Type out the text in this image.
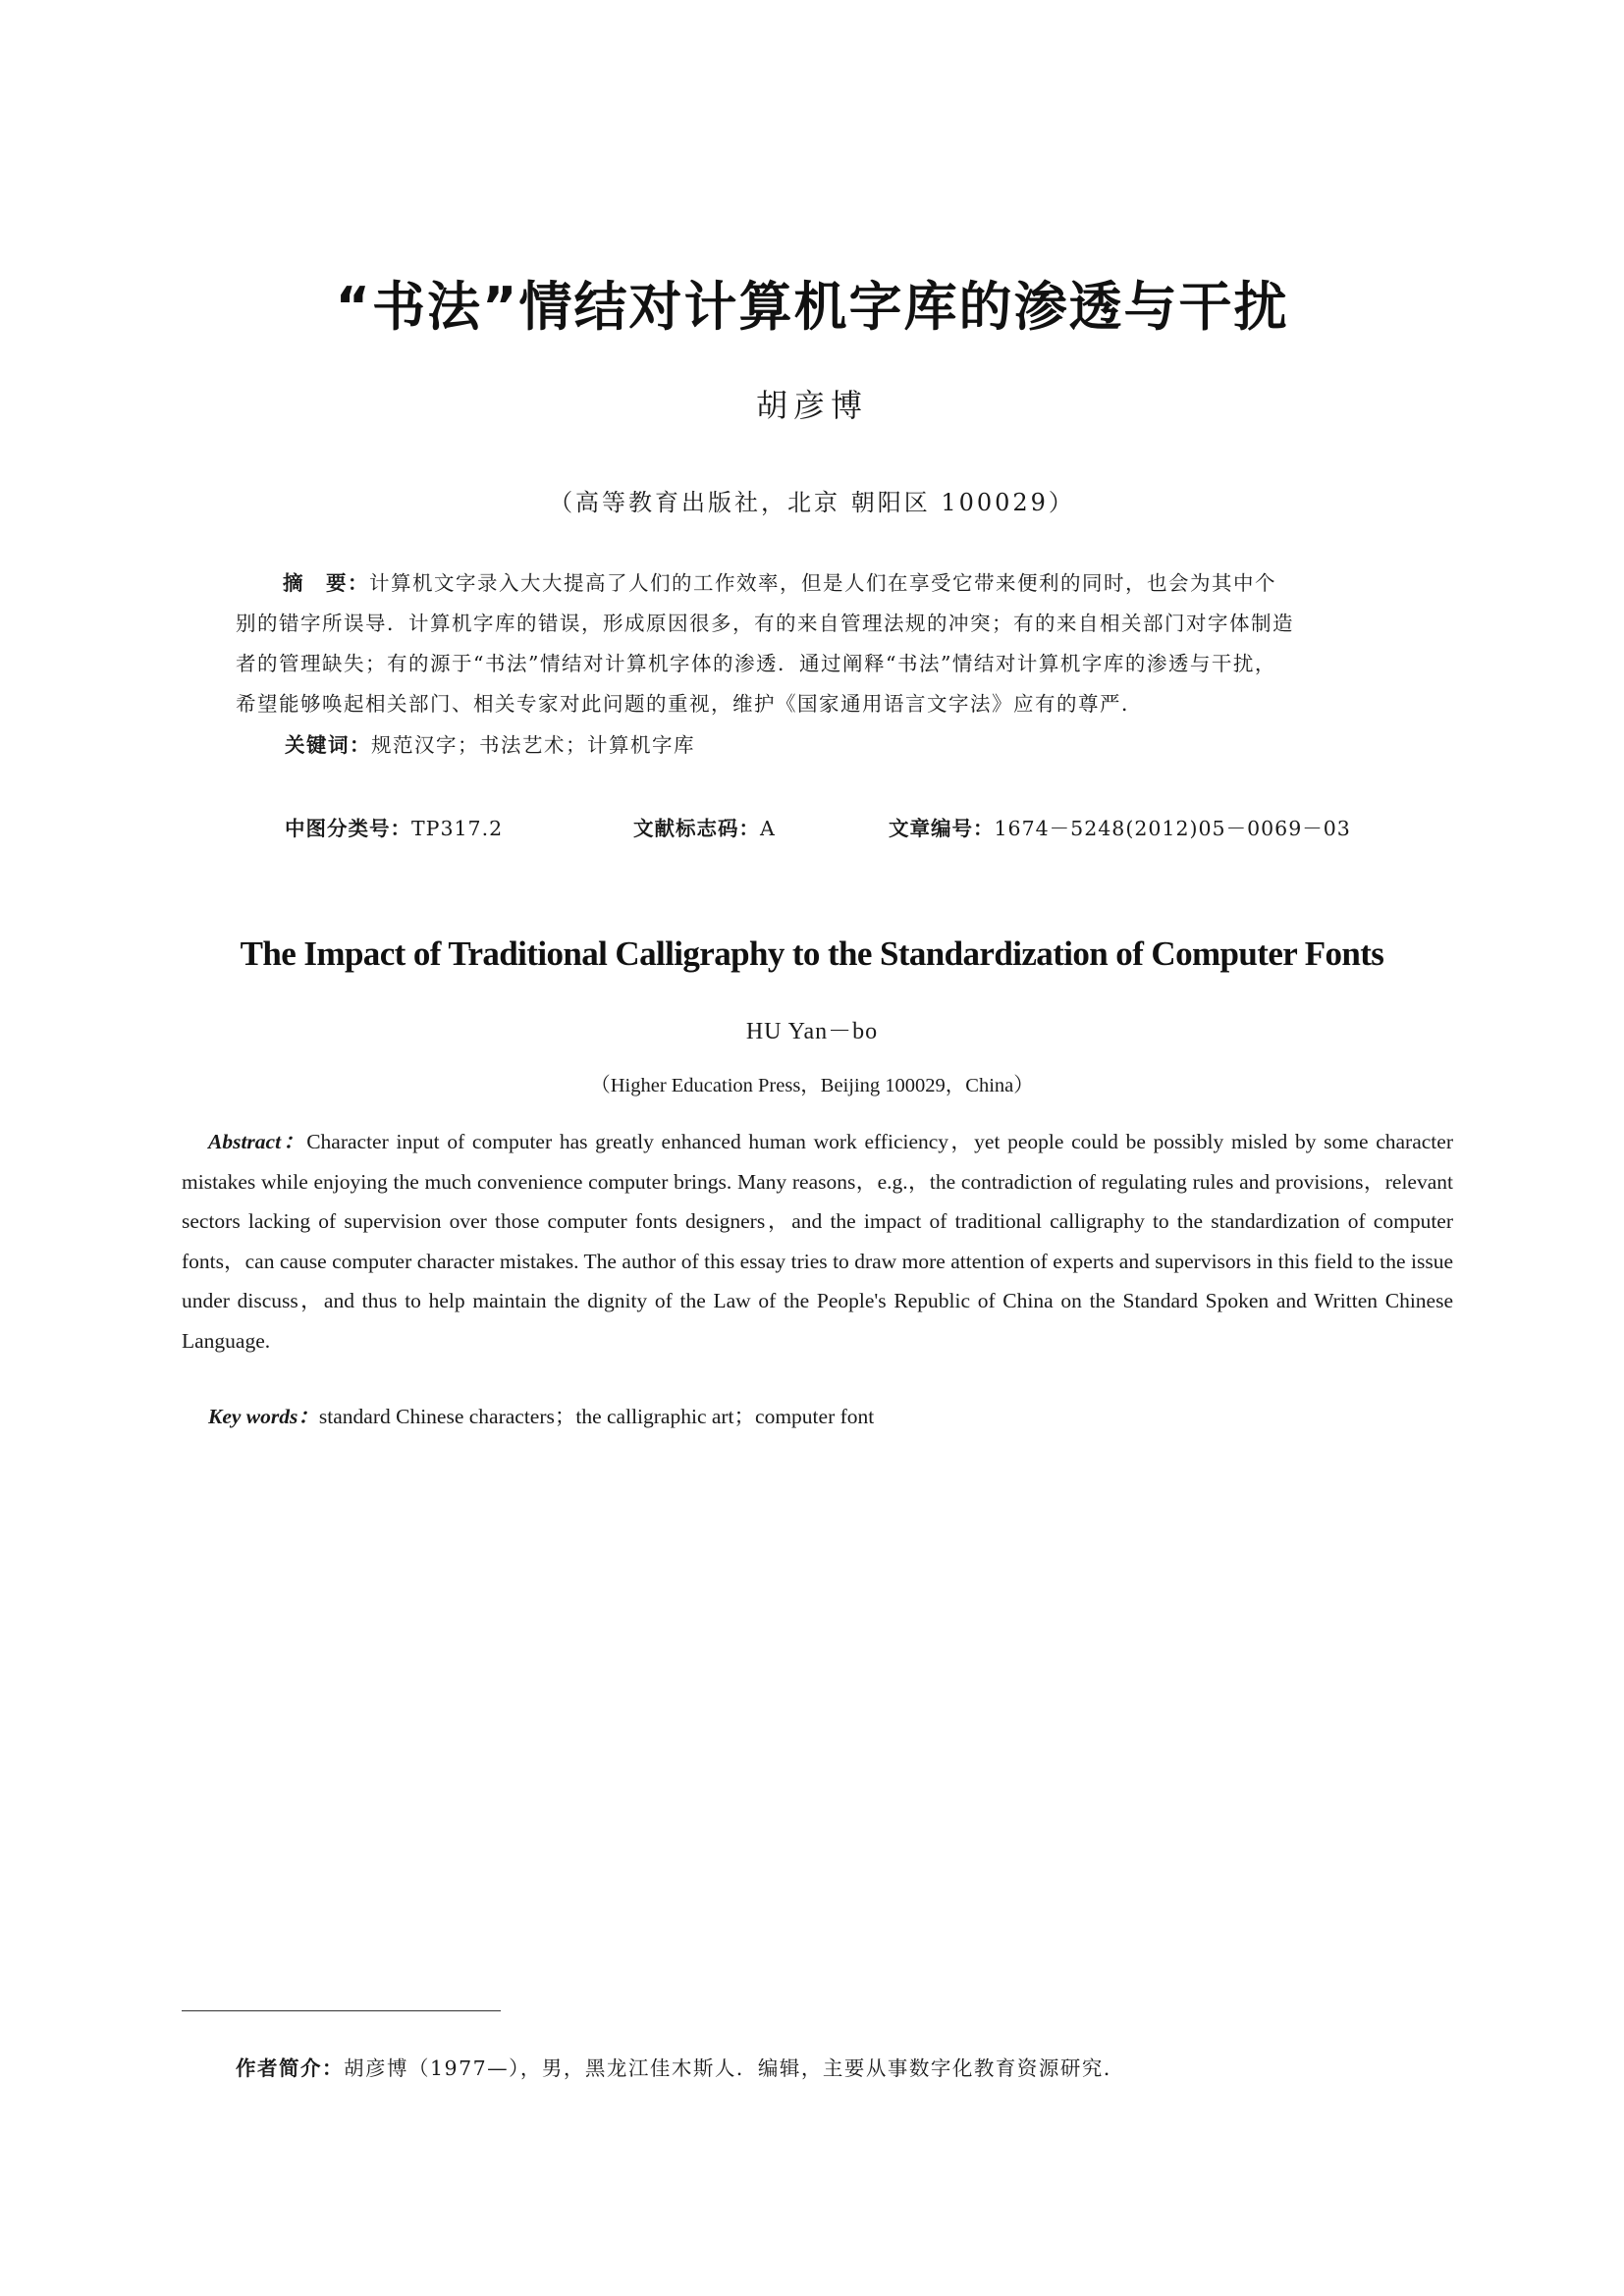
“书法”情结对计算机字库的渗透与干扰
胡彦博
（高等教育出版社，北京 朝阳区 100029）
摘　要：计算机文字录入大大提高了人们的工作效率，但是人们在享受它带来便利的同时，也会为其中个
别的错字所误导．计算机字库的错误，形成原因很多，有的来自管理法规的冲突；有的来自相关部门对字体制造
者的管理缺失；有的源于“书法”情结对计算机字体的渗透．通过阐释“书法”情结对计算机字库的渗透与干扰，
希望能够唤起相关部门、相关专家对此问题的重视，维护《国家通用语言文字法》应有的尊严．
关键词：规范汉字；书法艺术；计算机字库
中图分类号：TP317.2	文献标志码：A	文章编号：1674－5248(2012)05－0069－03
The Impact of Traditional Calligraphy to the Standardization of Computer Fonts
HU Yan－bo
（Higher Education Press，Beijing 100029，China）
Abstract：Character input of computer has greatly enhanced human work efficiency，yet people could be possibly misled by some character mistakes while enjoying the much convenience computer brings. Many reasons，e.g.，the contradiction of regulating rules and provisions，relevant sectors lacking of supervision over those computer fonts designers，and the impact of traditional calligraphy to the standardization of computer fonts，can cause computer character mistakes. The author of this essay tries to draw more attention of experts and supervisors in this field to the issue under discuss，and thus to help maintain the dignity of the Law of the People's Republic of China on the Standard Spoken and Written Chinese Language.
Key words：standard Chinese characters；the calligraphic art；computer font
作者简介：胡彦博（1977—），男，黑龙江佳木斯人．编辑，主要从事数字化教育资源研究．
